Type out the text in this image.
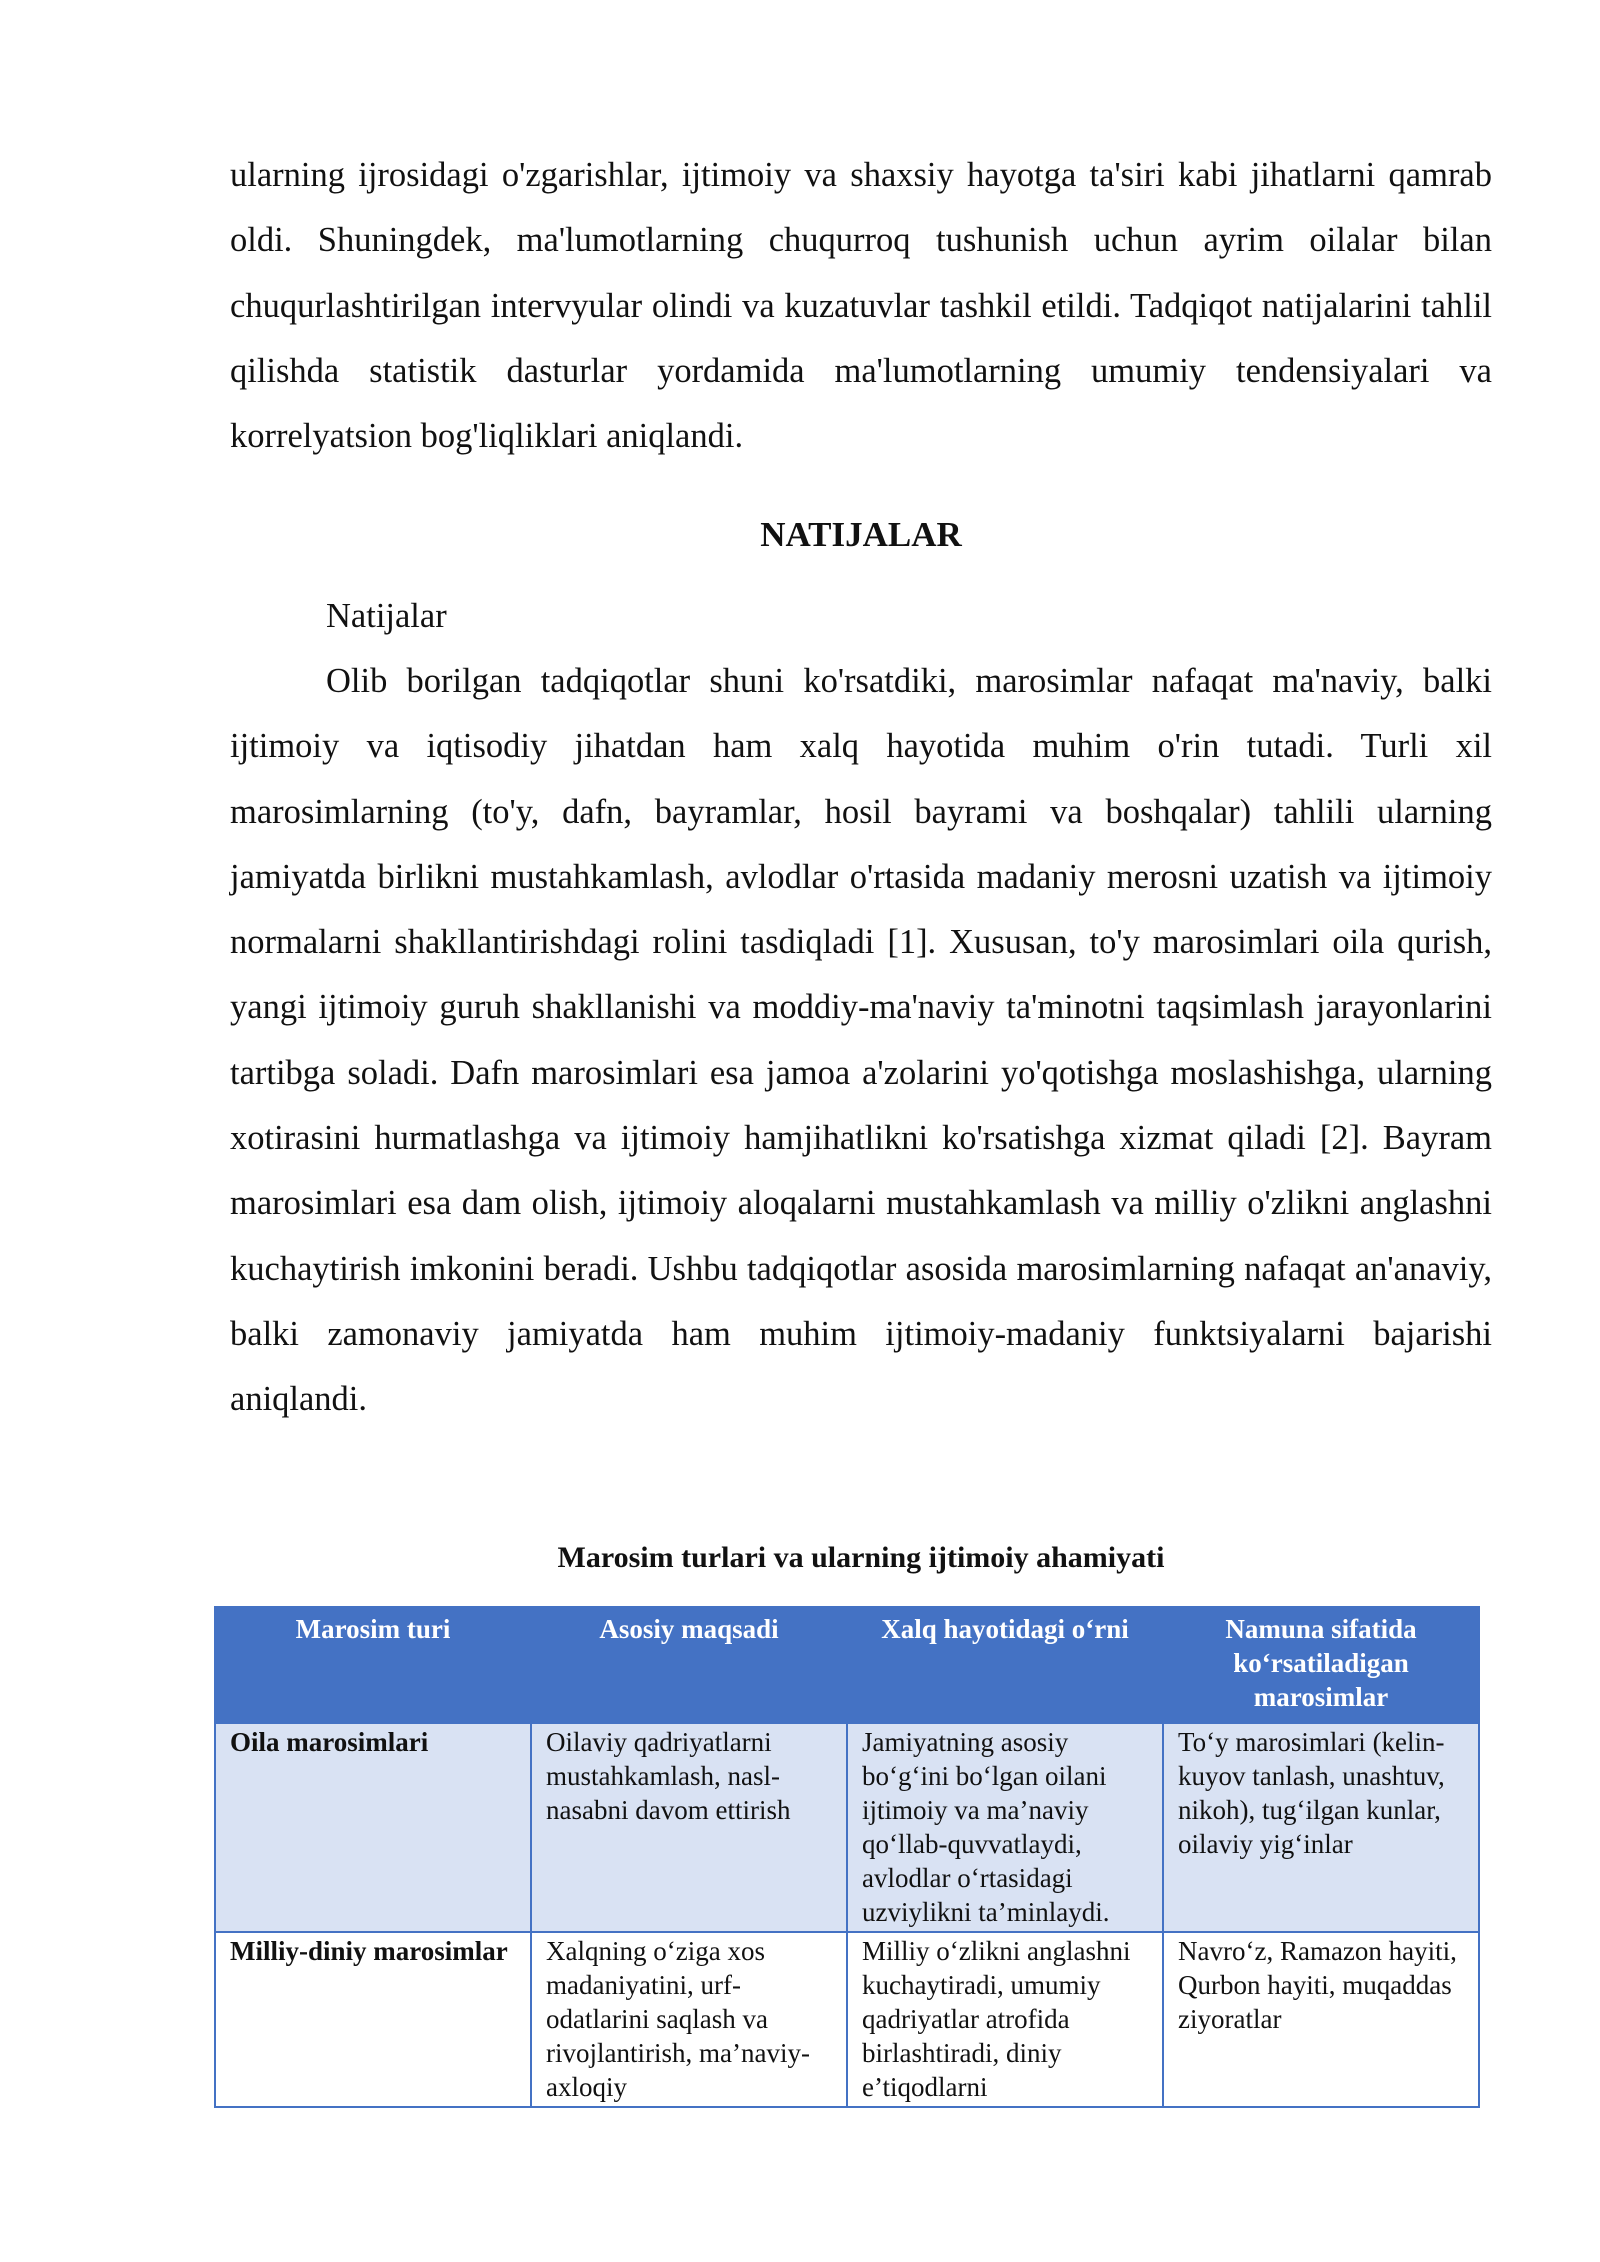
ularning ijrosidagi o'zgarishlar, ijtimoiy va shaxsiy hayotga ta'siri kabi jihatlarni qamrab oldi. Shuningdek, ma'lumotlarning chuqurroq tushunish uchun ayrim oilalar bilan chuqurlashtirilgan intervyular olindi va kuzatuvlar tashkil etildi. Tadqiqot natijalarini tahlil qilishda statistik dasturlar yordamida ma'lumotlarning umumiy tendensiyalari va korrelyatsion bog'liqliklari aniqlandi.

NATIJALAR
Natijalar

Olib borilgan tadqiqotlar shuni ko'rsatdiki, marosimlar nafaqat ma'naviy, balki ijtimoiy va iqtisodiy jihatdan ham xalq hayotida muhim o'rin tutadi. Turli xil marosimlarning (to'y, dafn, bayramlar, hosil bayrami va boshqalar) tahlili ularning jamiyatda birlikni mustahkamlash, avlodlar o'rtasida madaniy merosni uzatish va ijtimoiy normalarni shakllantirishdagi rolini tasdiqladi [1]. Xususan, to'y marosimlari oila qurish, yangi ijtimoiy guruh shakllanishi va moddiy-ma'naviy ta'minotni taqsimlash jarayonlarini tartibga soladi. Dafn marosimlari esa jamoa a'zolarini yo'qotishga moslashishga, ularning xotirasini hurmatlashga va ijtimoiy hamjihatlikni ko'rsatishga xizmat qiladi [2]. Bayram marosimlari esa dam olish, ijtimoiy aloqalarni mustahkamlash va milliy o'zlikni anglashni kuchaytirish imkonini beradi. Ushbu tadqiqotlar asosida marosimlarning nafaqat an'anaviy, balki zamonaviy jamiyatda ham muhim ijtimoiy-madaniy funktsiyalarni bajarishi aniqlandi.

Marosim turlari va ularning ijtimoiy ahamiyati
Marosim turi	Asosiy maqsadi	Xalq hayotidagi o‘rni	Namuna sifatida ko‘rsatiladigan marosimlar
Oila marosimlari	Oilaviy qadriyatlarni mustahkamlash, nasl-nasabni davom ettirish	Jamiyatning asosiy bo‘g‘ini bo‘lgan oilani ijtimoiy va ma’naviy qo‘llab-quvvatlaydi, avlodlar o‘rtasidagi uzviylikni ta’minlaydi.	To‘y marosimlari (kelin-kuyov tanlash, unashtuv, nikoh), tug‘ilgan kunlar, oilaviy yig‘inlar
Milliy-diniy marosimlar	Xalqning o‘ziga xos madaniyatini, urf-odatlarini saqlash va rivojlantirish, ma’naviy-axloqiy	Milliy o‘zlikni anglashni kuchaytiradi, umumiy qadriyatlar atrofida birlashtiradi, diniy e’tiqodlarni	Navro‘z, Ramazon hayiti, Qurbon hayiti, muqaddas ziyoratlar
